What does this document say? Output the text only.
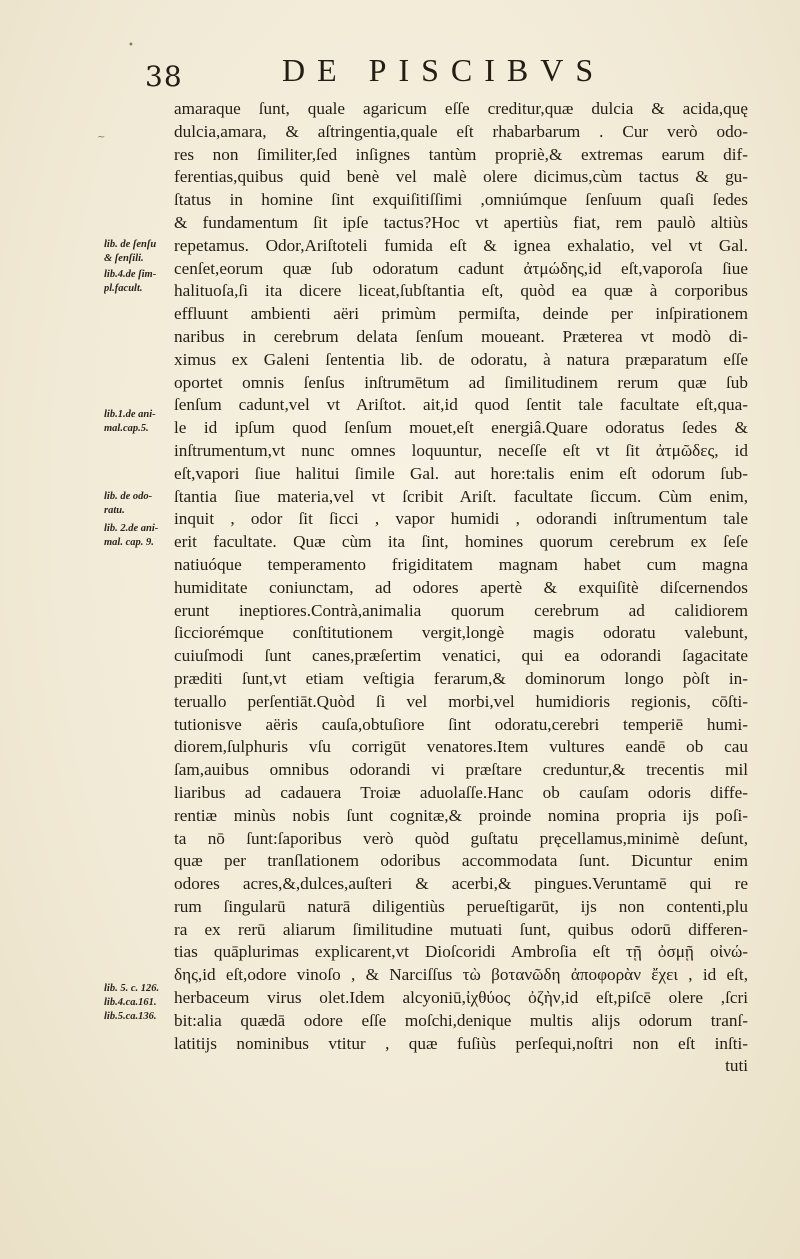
•
~
38	DE PISCIBVS
amaraque ſunt, quale agaricum eſſe creditur,quæ dulcia & acida,quę
dulcia,amara, & aſtringentia,quale eſt rhabarbarum . Cur verò odo-
res non ſimiliter,ſed inſignes tantùm propriè,& extremas earum dif-
ferentias,quibus quid benè vel malè olere dicimus,cùm tactus & gu-
ſtatus in homine ſint exquiſitiſſimi ,omniúmque ſenſuum quaſi ſedes
& fundamentum ſit ipſe tactus?Hoc vt apertiùs fiat, rem paulò altiùs
repetamus. Odor,Ariſtoteli fumida eſt & ignea exhalatio, vel vt Gal.
cenſet,eorum quæ ſub odoratum cadunt ἀτμώδης,id eſt,vaporoſa ſiue
halituoſa,ſi ita dicere liceat,ſubſtantia eſt, quòd ea quæ à corporibus
effluunt ambienti aëri primùm permiſta, deinde per inſpirationem
naribus in cerebrum delata ſenſum moueant. Præterea vt modò di-
ximus ex Galeni ſententia lib. de odoratu, à natura præparatum eſſe
oportet omnis ſenſus inſtrumētum ad ſimilitudinem rerum quæ ſub
ſenſum cadunt,vel vt Ariſtot. ait,id quod ſentit tale facultate eſt,qua-
le id ipſum quod ſenſum mouet,eſt energiâ.Quare odoratus ſedes &
inſtrumentum,vt nunc omnes loquuntur, neceſſe eſt vt ſit ἀτμῶδες, id
eſt,vapori ſiue halitui ſimile Gal. aut hore:talis enim eſt odorum ſub-
ſtantia ſiue materia,vel vt ſcribit Ariſt. facultate ſiccum. Cùm enim,
inquit , odor ſit ſicci , vapor humidi , odorandi inſtrumentum tale
erit facultate. Quæ cùm ita ſint, homines quorum cerebrum ex ſeſe
natiuóque temperamento frigiditatem magnam habet cum magna
humiditate coniunctam, ad odores apertè & exquiſitè diſcernendos
erunt ineptiores.Contrà,animalia quorum cerebrum ad calidiorem
ſicciorémque conſtitutionem vergit,longè magis odoratu valebunt,
cuiuſmodi ſunt canes,præſertim venatici, qui ea odorandi ſagacitate
præditi ſunt,vt etiam veſtigia ferarum,& dominorum longo pòſt in-
teruallo perſentiāt.Quòd ſi vel morbi,vel humidioris regionis, cōſti-
tutionisve aëris cauſa,obtuſiore ſint odoratu,cerebri temperiē humi-
diorem,ſulphuris vſu corrigūt venatores.Item vultures eandē ob cau
ſam,auibus omnibus odorandi vi præſtare creduntur,& trecentis mil
liaribus ad cadauera Troiæ aduolaſſe.Hanc ob cauſam odoris diffe-
rentiæ minùs nobis ſunt cognitæ,& proinde nomina propria ijs poſi-
ta nō ſunt:ſaporibus verò quòd guſtatu pręcellamus,minimè deſunt,
quæ per tranſlationem odoribus accommodata ſunt. Dicuntur enim
odores acres,&,dulces,auſteri & acerbi,& pingues.Veruntamē qui re
rum ſingularū naturā diligentiùs perueſtigarūt, ijs non contenti,plu
ra ex rerū aliarum ſimilitudine mutuati ſunt, quibus odorū differen-
tias quāplurimas explicarent,vt Dioſcoridi Ambroſia eſt τῇ ὀσμῇ οἰνώ-
δης,id eſt,odore vinoſo , & Narciſſus τὼ βοτανῶδη ἀποφορὰν ἔχει , id eſt,
herbaceum virus olet.Idem alcyoniū,ἰχθύος ὀζὴν,id eſt,piſcē olere ,ſcri
bit:alia quædā odore eſſe moſchi,denique multis alijs odorum tranſ-
latitijs nominibus vtitur , quæ fuſiùs perſequi,noſtri non eſt inſti-
tuti
lib. de ſenſu
& ſenſili.
lib.4.de ſim-
pl.facult.
lib.1.de ani-
mal.cap.5.
lib. de odo-
ratu.
lib. 2.de ani-
mal. cap. 9.
lib. 5. c. 126.
lib.4.ca.161.
lib.5.ca.136.
